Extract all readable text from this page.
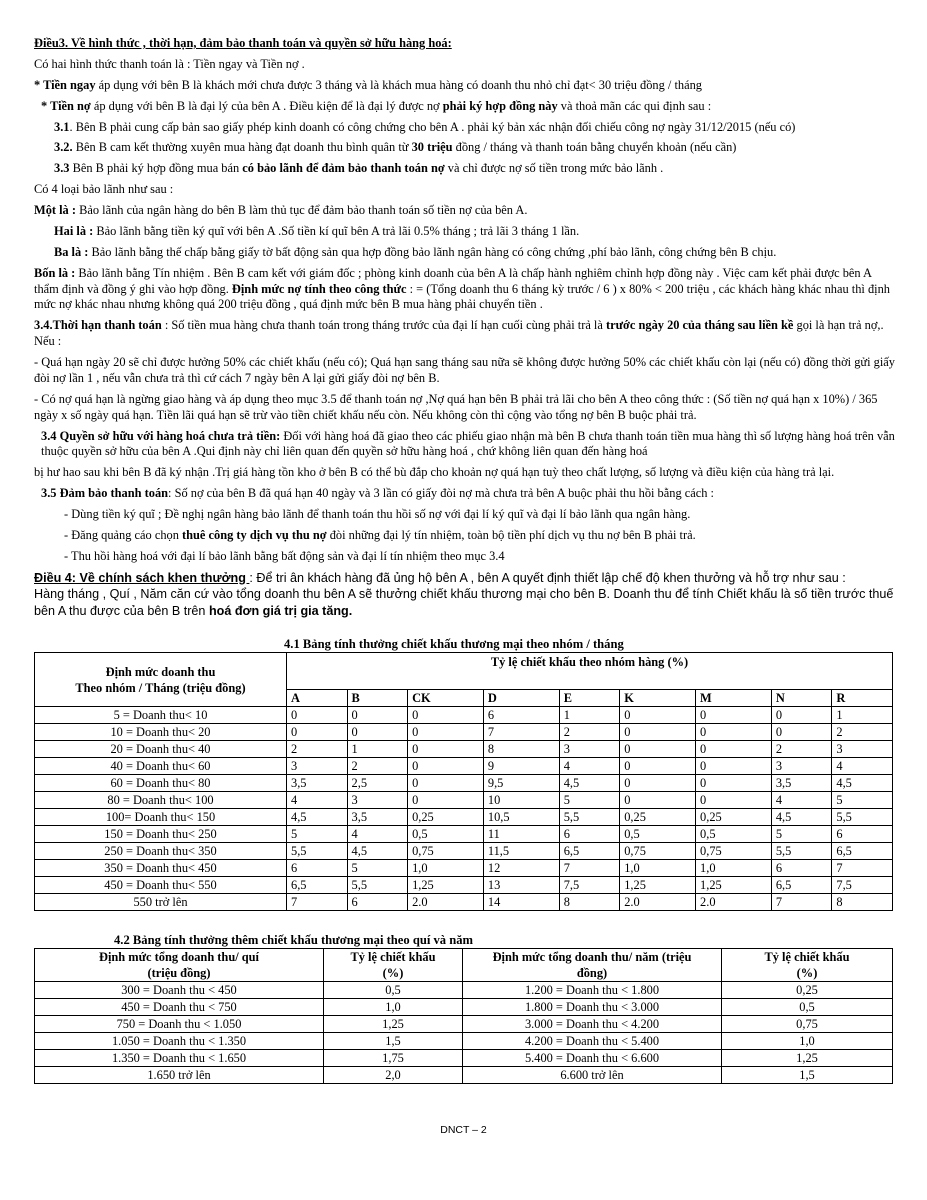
Điều3. Về hình thức , thời hạn, đảm bảo thanh toán và quyền sở hữu hàng hoá:

Có hai hình thức thanh toán là : Tiền ngay và Tiền nợ .

* Tiền ngay áp dụng với bên B là khách mới chưa được 3 tháng và là khách mua hàng có doanh thu nhỏ chỉ đạt< 30 triệu đồng / tháng

* Tiền nợ áp dụng với bên B là đại lý của bên A . Điều kiện để là đại lý được nợ phải ký hợp đồng này và thoả mãn các qui định sau :

3.1. Bên B phải cung cấp bản sao giấy phép kinh doanh có công chứng cho bên A . phải ký bản xác nhận đối chiếu công nợ ngày 31/12/2015 (nếu có)

3.2. Bên B cam kết thường xuyên mua hàng đạt doanh thu bình quân từ 30 triệu đồng / tháng và thanh toán bằng chuyển khoản (nếu cần)

3.3 Bên B phải ký hợp đồng mua bán có bảo lãnh để đảm bảo thanh toán nợ và chỉ được nợ số tiền trong mức bảo lãnh .

Có 4 loại bảo lãnh như sau :

Một là : Bảo lãnh của ngân hàng do bên B làm thủ tục để đảm bảo thanh toán số tiền nợ của bên A.

Hai là : Bảo lãnh bằng tiền ký quĩ với bên A .Số tiền kí quĩ bên A trả lãi 0.5% tháng ; trả lãi 3 tháng 1 lần.

Ba là : Bảo lãnh bằng thế chấp bằng giấy tờ bất động sản qua hợp đồng bảo lãnh ngân hàng có công chứng ,phí bảo lãnh, công chứng bên B chịu.

Bốn là : Bảo lãnh bằng Tín nhiệm . Bên B cam kết với giám đốc ; phòng kinh doanh của bên A là chấp hành nghiêm chỉnh hợp đồng này . Việc cam kết phải được bên A thẩm định và đồng ý ghi vào hợp đồng. Định mức nợ tính theo công thức : = (Tổng doanh thu 6 tháng kỳ trước / 6 ) x 80% < 200 triệu , các khách hàng khác nhau thì định mức nợ khác nhau nhưng không quá 200 triệu đồng , quá định mức bên B mua hàng phải chuyển tiền .

3.4.Thời hạn thanh toán : Số tiền mua hàng chưa thanh toán trong tháng trước của đại lí hạn cuối cùng phải trả là trước ngày 20 của tháng sau liền kề gọi là hạn trả nợ,. Nếu :

- Quá hạn ngày 20 sẽ chỉ được hưởng 50% các chiết khấu (nếu có); Quá hạn sang tháng sau nữa sẽ không được hưởng 50% các chiết khấu còn lại (nếu có) đồng thời gửi giấy đòi nợ lần 1 , nếu vẫn chưa trả thì cứ cách 7 ngày bên A lại gửi giấy đòi nợ bên B.

- Có nợ quá hạn là ngừng giao hàng và áp dụng theo mục 3.5 để thanh toán nợ ,Nợ quá hạn bên B phải trả lãi cho bên A theo công thức : (Số tiền nợ quá hạn x 10%) / 365 ngày x số ngày quá hạn. Tiền lãi quá hạn sẽ trừ vào tiền chiết khấu nếu còn. Nếu không còn thì cộng vào tổng nợ bên B buộc phải trả.

3.4 Quyền sở hữu với hàng hoá chưa trả tiền: Đối với hàng hoá đã giao theo các phiếu giao nhận mà bên B chưa thanh toán tiền mua hàng thì số lượng hàng hoá trên vẫn thuộc quyền sở hữu của bên A .Qui định này chỉ liên quan đến quyền sở hữu hàng hoá , chứ không liên quan đến hàng hoá

bị hư hao sau khi bên B đã ký nhận .Trị giá hàng tồn kho ở bên B có thể bù đắp cho khoản nợ quá hạn tuỳ theo chất lượng, số lượng và điều kiện của hàng trả lại.

3.5 Đảm bảo thanh toán: Số nợ của bên B đã quá hạn 40 ngày và 3 lần có giấy đòi nợ mà chưa trả bên A buộc phải thu hồi bằng cách :

- Dùng tiền ký quĩ ; Đề nghị ngân hàng bảo lãnh để thanh toán thu hồi số nợ với đại lí ký quĩ và đại lí bảo lãnh qua ngân hàng.

- Đăng quảng cáo chọn thuê công ty dịch vụ thu nợ đòi những đại lý tín nhiệm, toàn bộ tiền phí dịch vụ thu nợ bên B phải trả.

- Thu hồi hàng hoá với đại lí bảo lãnh bằng bất động sản và đại lí tín nhiệm theo mục 3.4

Điều 4: Về chính sách khen thưởng : Để tri ân khách hàng đã ủng hộ bên A , bên A quyết định thiết lập chế độ khen thưởng và hỗ trợ như sau :

Hàng tháng , Quí , Năm căn cứ vào tổng doanh thu bên A sẽ thưởng chiết khấu thương mại cho bên B. Doanh thu để tính Chiết khấu là số tiền trước thuế bên A thu được của bên B trên hoá đơn giá trị gia tăng.

4.1 Bảng tính thưởng chiết khấu thương mại theo nhóm / tháng

Định mức doanh thu
Theo nhóm / Tháng (triệu đồng)	Tỷ lệ chiết khấu theo nhóm hàng (%)								
	A	B	CK	D	E	K	M	N	R
5 = Doanh thu< 10	0	0	0	6	1	0	0	0	1
10 = Doanh thu< 20	0	0	0	7	2	0	0	0	2
20 = Doanh thu< 40	2	1	0	8	3	0	0	2	3
40 = Doanh thu< 60	3	2	0	9	4	0	0	3	4
60 = Doanh thu< 80	3,5	2,5	0	9,5	4,5	0	0	3,5	4,5
80 = Doanh thu< 100	4	3	0	10	5	0	0	4	5
100= Doanh thu< 150	4,5	3,5	0,25	10,5	5,5	0,25	0,25	4,5	5,5
150 = Doanh thu< 250	5	4	0,5	11	6	0,5	0,5	5	6
250 = Doanh thu< 350	5,5	4,5	0,75	11,5	6,5	0,75	0,75	5,5	6,5
350 = Doanh thu< 450	6	5	1,0	12	7	1,0	1,0	6	7
450 = Doanh thu< 550	6,5	5,5	1,25	13	7,5	1,25	1,25	6,5	7,5
550 trở lên	7	6	2.0	14	8	2.0	2.0	7	8

4.2 Bảng tính thưởng thêm chiết khấu thương mại theo quí và năm

Định mức tổng doanh thu/ quí
(triệu đồng)	Tỷ lệ chiết khấu
(%)	Định mức tổng doanh thu/ năm (triệu
đồng)	Tỷ lệ chiết khấu
(%)
300 = Doanh thu < 450	0,5	1.200 = Doanh thu < 1.800	0,25
450 = Doanh thu < 750	1,0	1.800 = Doanh thu < 3.000	0,5
750 = Doanh thu < 1.050	1,25	3.000 = Doanh thu < 4.200	0,75
1.050 = Doanh thu < 1.350	1,5	4.200 = Doanh thu < 5.400	1,0
1.350 = Doanh thu < 1.650	1,75	5.400 = Doanh thu < 6.600	1,25
1.650 trở lên	2,0	6.600 trở lên	1,5
DNCT – 2
